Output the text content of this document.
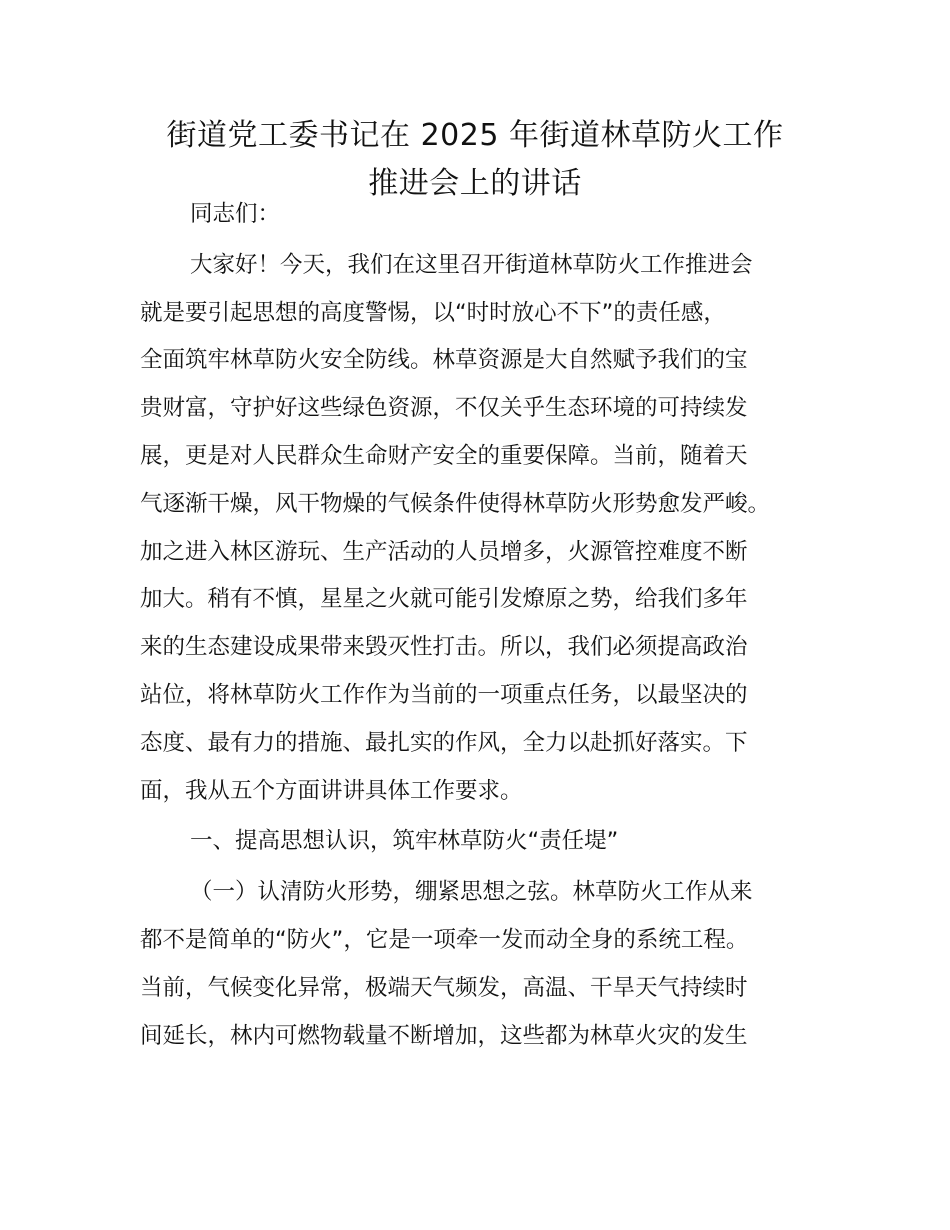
街道党工委书记在 2025 年街道林草防火工作
推进会上的讲话
同志们：
大家好！今天，我们在这里召开街道林草防火工作推进会
就是要引起思想的高度警惕，以“时时放心不下”的责任感，
全面筑牢林草防火安全防线。林草资源是大自然赋予我们的宝
贵财富，守护好这些绿色资源，不仅关乎生态环境的可持续发
展，更是对人民群众生命财产安全的重要保障。当前，随着天
气逐渐干燥，风干物燥的气候条件使得林草防火形势愈发严峻。
加之进入林区游玩、生产活动的人员增多，火源管控难度不断
加大。稍有不慎，星星之火就可能引发燎原之势，给我们多年
来的生态建设成果带来毁灭性打击。所以，我们必须提高政治
站位，将林草防火工作作为当前的一项重点任务，以最坚决的
态度、最有力的措施、最扎实的作风，全力以赴抓好落实。下
面，我从五个方面讲讲具体工作要求。
一、提高思想认识，筑牢林草防火“责任堤”
（一）认清防火形势，绷紧思想之弦。林草防火工作从来
都不是简单的“防火”，它是一项牵一发而动全身的系统工程。
当前，气候变化异常，极端天气频发，高温、干旱天气持续时
间延长，林内可燃物载量不断增加，这些都为林草火灾的发生
